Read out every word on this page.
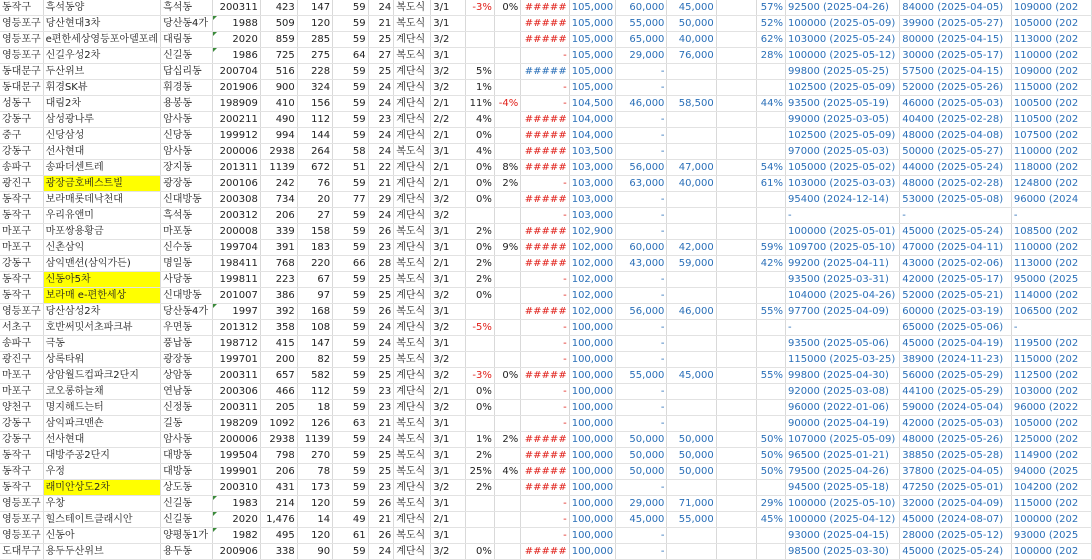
동작구	흑석동양	흑석동	200311	423	147	59	24	복도식	3/1	-3%	0%	#####	105,000	60,000	45,000		57%	92500 (2025-04-26)	84000 (2025-04-05)	109000 (202
영등포구	당산현대3차	당산동4가	1988	509	120	59	21	복도식	3/1			#####	105,000	55,000	50,000		52%	100000 (2025-05-09)	39900 (2025-05-27)	105000 (202
영등포구	e편한세상영등포아델포레	대림동	2020	859	285	59	25	계단식	3/2			#####	105,000	65,000	40,000		62%	103000 (2025-05-24)	80000 (2025-04-15)	113000 (202
영등포구	신길우성2차	신길동	1986	725	275	64	27	복도식	3/1			-	105,000	29,000	76,000		28%	100000 (2025-05-12)	30000 (2025-05-17)	110000 (202
동대문구	두산위브	답십리동	200704	516	228	59	25	계단식	3/2	5%		#####	105,000	-				99800 (2025-05-25)	57500 (2025-04-15)	109000 (202
동대문구	휘경SK뷰	휘경동	201906	900	324	59	24	계단식	3/2	1%		-	105,000	-				102500 (2025-05-09)	52000 (2025-05-26)	115000 (202
성동구	대림2차	용봉동	198909	410	156	59	24	계단식	2/1	11%	-4%	-	104,500	46,000	58,500		44%	93500 (2025-05-19)	46000 (2025-05-03)	100500 (202
강동구	삼성광나루	암사동	200211	490	112	59	23	계단식	2/2	4%		#####	104,000	-				99000 (2025-03-05)	40400 (2025-02-28)	110500 (202
중구	신당삼성	신당동	199912	994	144	59	24	계단식	2/1	0%		#####	104,000	-				102500 (2025-05-09)	48000 (2025-04-08)	107500 (202
강동구	선사현대	암사동	200006	2938	264	58	24	복도식	3/1	4%		#####	103,500	-				97000 (2025-05-03)	50000 (2025-05-27)	110000 (202
송파구	송파더센트레	장지동	201311	1139	672	51	22	계단식	2/1	0%	8%	#####	103,000	56,000	47,000		54%	105000 (2025-05-02)	44000 (2025-05-24)	118000 (202
광진구	광장금호베스트빌	광장동	200106	242	76	59	21	계단식	2/1	0%	2%	-	103,000	63,000	40,000		61%	103000 (2025-03-03)	48000 (2025-02-28)	124800 (202
동작구	보라매롯데낙천대	신대방동	200308	734	20	77	29	계단식	3/2	0%		#####	103,000	-				95400 (2024-12-14)	53000 (2025-05-08)	96000 (2024
동작구	우리유앤미	흑석동	200312	206	27	59	24	계단식	3/2			-	103,000	-				-	-	-
마포구	마포쌍용황금	마포동	200008	339	158	59	26	복도식	3/1	2%		#####	102,900	-				100000 (2025-05-01)	45000 (2025-05-24)	108500 (202
마포구	신촌삼익	신수동	199704	391	183	59	23	계단식	3/1	0%	9%	#####	102,000	60,000	42,000		59%	109700 (2025-05-10)	47000 (2025-04-11)	110000 (202
강동구	삼익맨션(삼익가든)	명일동	198411	768	220	66	28	복도식	2/1	2%		#####	102,000	43,000	59,000		42%	99200 (2025-04-11)	43000 (2025-02-06)	113000 (202
동작구	신동아5차	사당동	199811	223	67	59	25	복도식	3/1	2%		-	102,000	-				93500 (2025-03-31)	42000 (2025-05-17)	95000 (2025
동작구	보라매 e-편한세상	신대방동	201007	386	97	59	25	계단식	3/2	0%		-	102,000	-				104000 (2025-04-26)	52000 (2025-05-21)	114000 (202
영등포구	당산삼성2차	당산동4가	1997	392	168	59	26	복도식	3/1			#####	102,000	56,000	46,000		55%	97700 (2025-04-09)	60000 (2025-03-19)	106500 (202
서초구	호반써밋서초파크뷰	우면동	201312	358	108	59	24	계단식	3/2	-5%		-	100,000	-				-	65000 (2025-05-06)	-
송파구	극동	풍납동	198712	415	147	59	24	복도식	3/1			-	100,000	-				93500 (2025-05-06)	45000 (2025-04-19)	119500 (202
광진구	상록타워	광장동	199701	200	82	59	25	복도식	3/2			-	100,000	-				115000 (2025-03-25)	38900 (2024-11-23)	115000 (202
마포구	상암월드컵파크2단지	상암동	200311	657	582	59	25	계단식	3/2	-3%	0%	#####	100,000	55,000	45,000		55%	99800 (2025-04-30)	56000 (2025-05-29)	112500 (202
마포구	코오롱하늘채	연남동	200306	466	112	59	23	계단식	2/1	0%		-	100,000	-				92000 (2025-03-08)	44100 (2025-05-29)	103000 (202
양천구	명지해드는터	신정동	200311	205	18	59	23	계단식	3/2	0%		-	100,000	-				96000 (2022-01-06)	59000 (2024-05-04)	96000 (2022
강동구	삼익파크맨숀	길동	198209	1092	126	63	21	복도식	3/1			-	100,000	-				90000 (2025-04-19)	42000 (2025-05-03)	105000 (202
강동구	선사현대	암사동	200006	2938	1139	59	24	복도식	3/1	1%	2%	#####	100,000	50,000	50,000		50%	107000 (2025-05-09)	48000 (2025-05-26)	125000 (202
동작구	대방주공2단지	대방동	199504	798	270	59	25	복도식	3/1	2%		#####	100,000	50,000	50,000		50%	96500 (2025-01-21)	38850 (2025-05-28)	114900 (202
동작구	우정	대방동	199901	206	78	59	25	복도식	3/1	25%	4%	#####	100,000	50,000	50,000		50%	79500 (2025-04-26)	37800 (2025-04-05)	94000 (2025
동작구	래미안상도2차	상도동	200310	431	173	59	23	계단식	3/2	2%		#####	100,000	-				94500 (2025-05-18)	47250 (2025-05-01)	104200 (202
영등포구	우창	신길동	1983	214	120	59	26	복도식	3/1			-	100,000	29,000	71,000		29%	100000 (2025-05-10)	32000 (2025-04-09)	115000 (202
영등포구	힐스테이트클래시안	신길동	2020	1,476	14	49	21	계단식	2/1			-	100,000	45,000	55,000		45%	100000 (2025-04-12)	45000 (2024-08-07)	100000 (202
영등포구	신동아	양평동1가	1982	495	120	61	26	복도식	3/1			-	100,000	-				93000 (2025-04-15)	28000 (2025-05-12)	93000 (2025
도대무구	용두두산위브	용두동	200906	338	90	59	24	계단식	3/2	0%		#####	100,000	-				98500 (2025-03-30)	45000 (2025-05-24)	100000 (202
